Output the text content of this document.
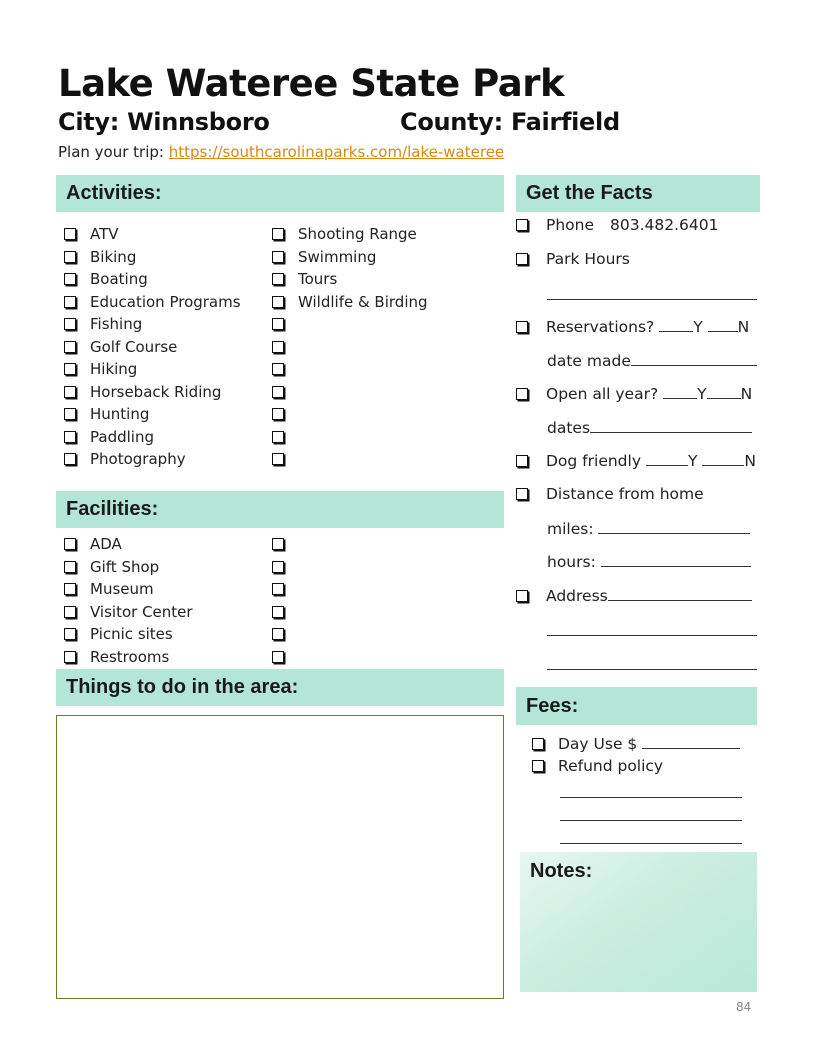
Lake Wateree State Park
City: Winnsboro	County: Fairfield
Plan your trip: https://southcarolinaparks.com/lake-wateree
Activities:
ATV
Biking
Boating
Education Programs
Fishing
Golf Course
Hiking
Horseback Riding
Hunting
Paddling
Photography
Shooting Range
Swimming
Tours
Wildlife & Birding
Facilities:
ADA
Gift Shop
Museum
Visitor Center
Picnic sites
Restrooms
Things to do in the area:
Get the Facts
Phone 803.482.6401
Park Hours
Reservations?	Y N
date made
Open all year?	Y N
dates
Dog friendly	Y	N
Distance from home
miles:
hours:
Address
Fees:
Day Use $
Refund policy
Notes:
84
